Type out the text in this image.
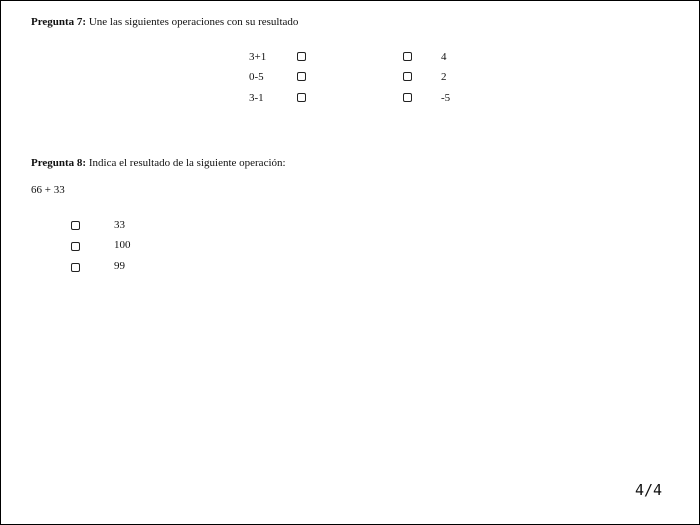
Pregunta 7: Une las siguientes operaciones con su resultado
3+1
0-5
3-1
4
2
-5
Pregunta 8: Indica el resultado de la siguiente operación:
66 + 33
33
100
99
4/4
